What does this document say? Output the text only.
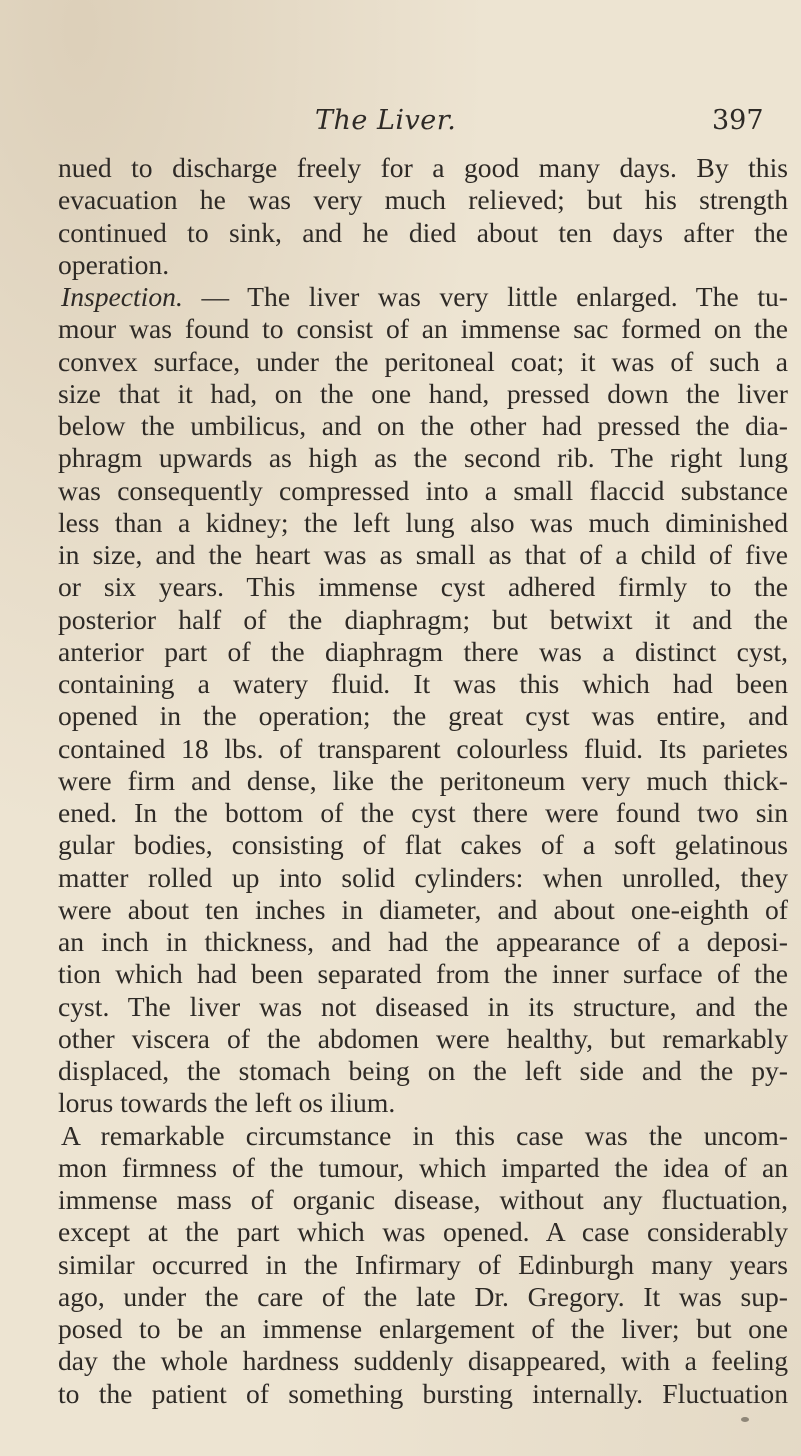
The Liver.	397
nued to discharge freely for a good many days. By this
evacuation he was very much relieved; but his strength
continued to sink, and he died about ten days after the
operation.
Inspection. — The liver was very little enlarged. The tu-
mour was found to consist of an immense sac formed on the
convex surface, under the peritoneal coat; it was of such a
size that it had, on the one hand, pressed down the liver
below the umbilicus, and on the other had pressed the dia-
phragm upwards as high as the second rib. The right lung
was consequently compressed into a small flaccid substance
less than a kidney; the left lung also was much diminished
in size, and the heart was as small as that of a child of five
or six years. This immense cyst adhered firmly to the
posterior half of the diaphragm; but betwixt it and the
anterior part of the diaphragm there was a distinct cyst,
containing a watery fluid. It was this which had been
opened in the operation; the great cyst was entire, and
contained 18 lbs. of transparent colourless fluid. Its parietes
were firm and dense, like the peritoneum very much thick-
ened. In the bottom of the cyst there were found two sin
gular bodies, consisting of flat cakes of a soft gelatinous
matter rolled up into solid cylinders: when unrolled, they
were about ten inches in diameter, and about one-eighth of
an inch in thickness, and had the appearance of a deposi-
tion which had been separated from the inner surface of the
cyst. The liver was not diseased in its structure, and the
other viscera of the abdomen were healthy, but remarkably
displaced, the stomach being on the left side and the py-
lorus towards the left os ilium.
A remarkable circumstance in this case was the uncom-
mon firmness of the tumour, which imparted the idea of an
immense mass of organic disease, without any fluctuation,
except at the part which was opened. A case considerably
similar occurred in the Infirmary of Edinburgh many years
ago, under the care of the late Dr. Gregory. It was sup-
posed to be an immense enlargement of the liver; but one
day the whole hardness suddenly disappeared, with a feeling
to the patient of something bursting internally. Fluctuation
